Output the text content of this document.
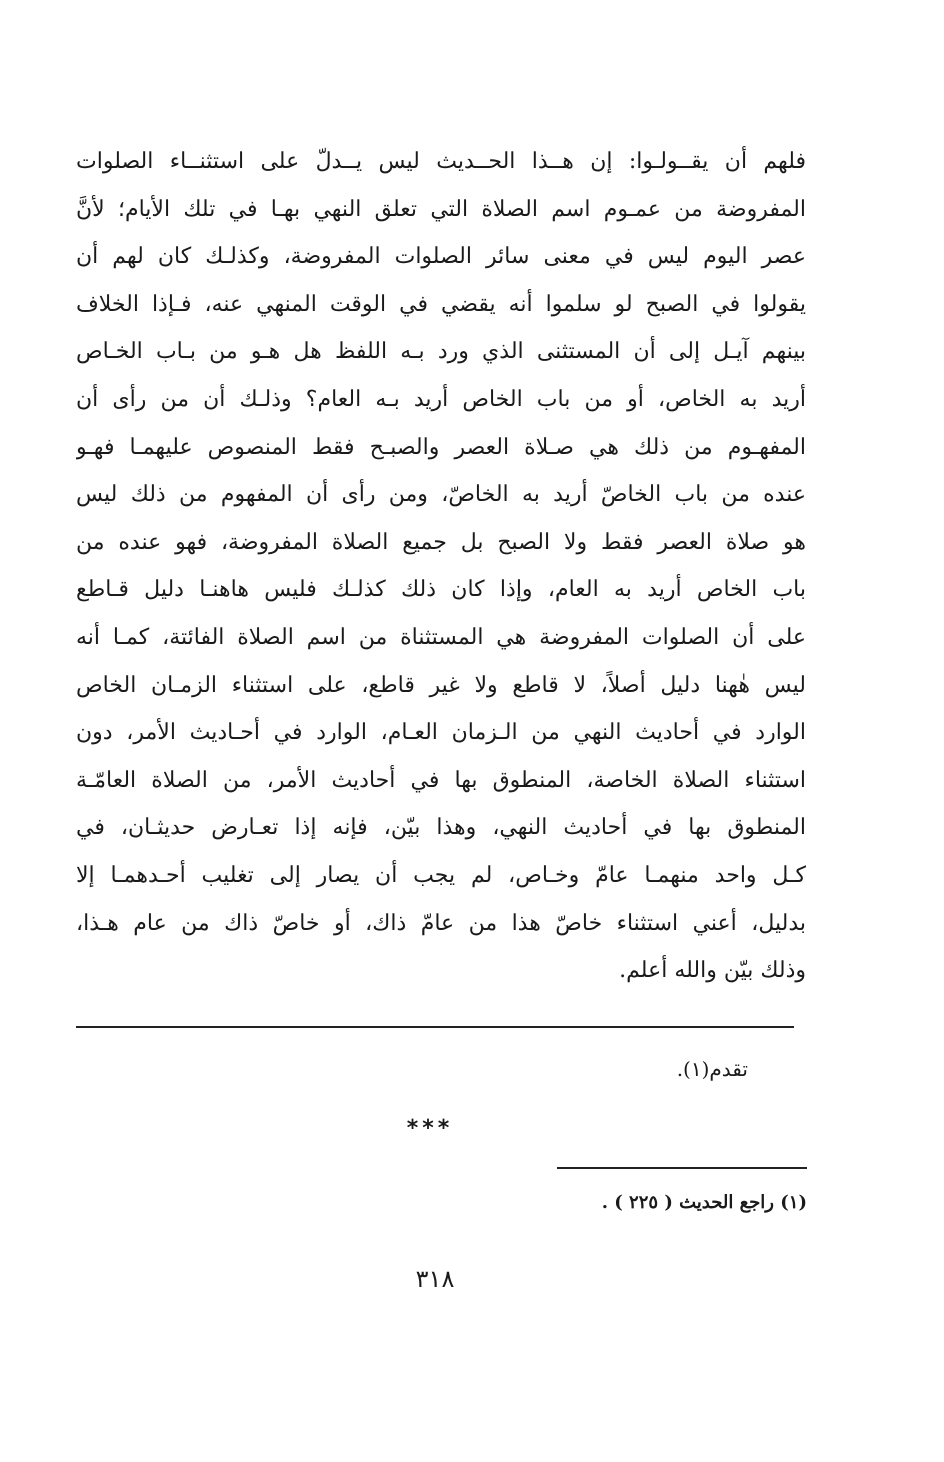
فلهم أن يقــولـوا: إن هــذا الحــديث ليس يــدلّ على استثنــاء الصلوات
المفروضة من عمـوم اسم الصلاة التي تعلق النهي بهـا في تلك الأيام؛ لأنَّ
عصر اليوم ليس في معنى سائر الصلوات المفروضة، وكذلـك كان لهم أن
يقولوا في الصبح لو سلموا أنه يقضي في الوقت المنهي عنه، فـإذا الخلاف
بينهم آيـل إلى أن المستثنى الذي ورد بـه اللفظ هل هـو من بـاب الخـاص
أريد به الخاص، أو من باب الخاص أريد بـه العام؟ وذلـك أن من رأى أن
المفهـوم من ذلك هي صـلاة العصر والصبـح فقط المنصوص عليهمـا فهـو
عنده من باب الخاصّ أريد به الخاصّ، ومن رأى أن المفهوم من ذلك ليس
هو صلاة العصر فقط ولا الصبح بل جميع الصلاة المفروضة، فهو عنده من
باب الخاص أريد به العام، وإذا كان ذلك كذلـك فليس هاهنـا دليل قـاطع
على أن الصلوات المفروضة هي المستثناة من اسم الصلاة الفائتة، كمـا أنه
ليس هٰهنا دليل أصلاً، لا قاطع ولا غير قاطع، على استثناء الزمـان الخاص
الوارد في أحاديث النهي من الـزمان العـام، الوارد في أحـاديث الأمر، دون
استثناء الصلاة الخاصة، المنطوق بها في أحاديث الأمر، من الصلاة العامّـة
المنطوق بها في أحاديث النهي، وهذا بيّن، فإنه إذا تعـارض حديثـان، في
كـل واحد منهمـا عامّ وخـاص، لم يجب أن يصار إلى تغليب أحـدهمـا إلا
بدليل، أعني استثناء خاصّ هذا من عامّ ذاك، أو خاصّ ذاك من عام هـذا،
وذلك بيّن والله أعلم.
تقدم(١).
***
(١) راجع الحديث ( ٢٢٥ ) .
٣١٨
